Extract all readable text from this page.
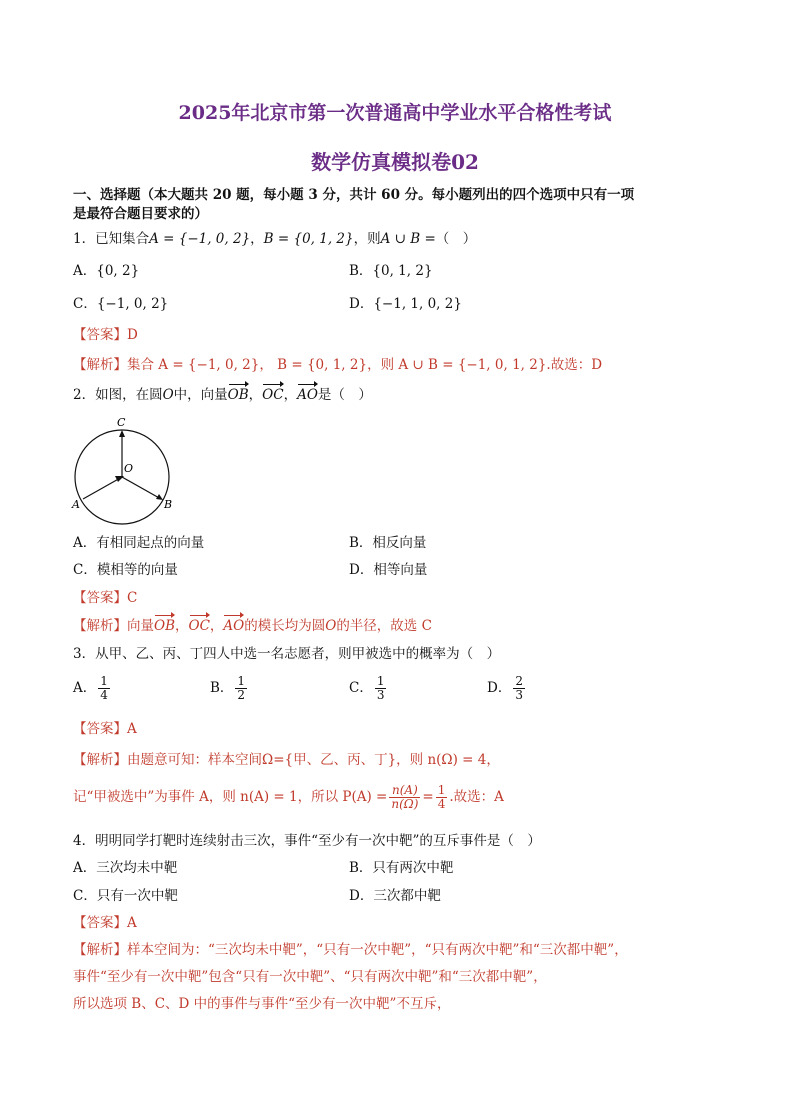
2025年北京市第一次普通高中学业水平合格性考试
数学仿真模拟卷02
一、选择题（本大题共 20 题，每小题 3 分，共计 60 分。每小题列出的四个选项中只有一项
是最符合题目要求的）
1．已知集合A = {−1, 0, 2}，B = {0, 1, 2}，则A ∪ B =（　）
A．{0, 2}	B．{0, 1, 2}
C．{−1, 0, 2}	D．{−1, 1, 0, 2}
【答案】D
【解析】集合 A = {−1, 0, 2}， B = {0, 1, 2}，则 A ∪ B = {−1, 0, 1, 2}.故选：D
2．如图，在圆O中，向量OB，OC，AO是（　）
C
O
A	B
A．有相同起点的向量	B．相反向量
C．模相等的向量	D．相等向量
【答案】C
【解析】向量OB，OC，AO的模长均为圆O的半径，故选 C
3．从甲、乙、丙、丁四人中选一名志愿者，则甲被选中的概率为（　）
A． $\frac{1}{4}$	B． $\frac{1}{2}$	C． $\frac{1}{3}$	D． $\frac{2}{3}$
【答案】A
【解析】由题意可知：样本空间Ω={甲、乙、丙、丁}，则 n(Ω) = 4，
记“甲被选中”为事件 A，则 n(A) = 1，所以 $P(A) = \frac{n(A)}{n(\Omega)} = \frac{1}{4}$ .故选：A
4．明明同学打靶时连续射击三次，事件“至少有一次中靶”的互斥事件是（　）
A．三次均未中靶	B．只有两次中靶
C．只有一次中靶	D．三次都中靶
【答案】A
【解析】样本空间为：“三次均未中靶”，“只有一次中靶”，“只有两次中靶”和“三次都中靶”，
事件“至少有一次中靶”包含“只有一次中靶”、“只有两次中靶”和“三次都中靶”，
所以选项 B、C、D 中的事件与事件“至少有一次中靶”不互斥，
